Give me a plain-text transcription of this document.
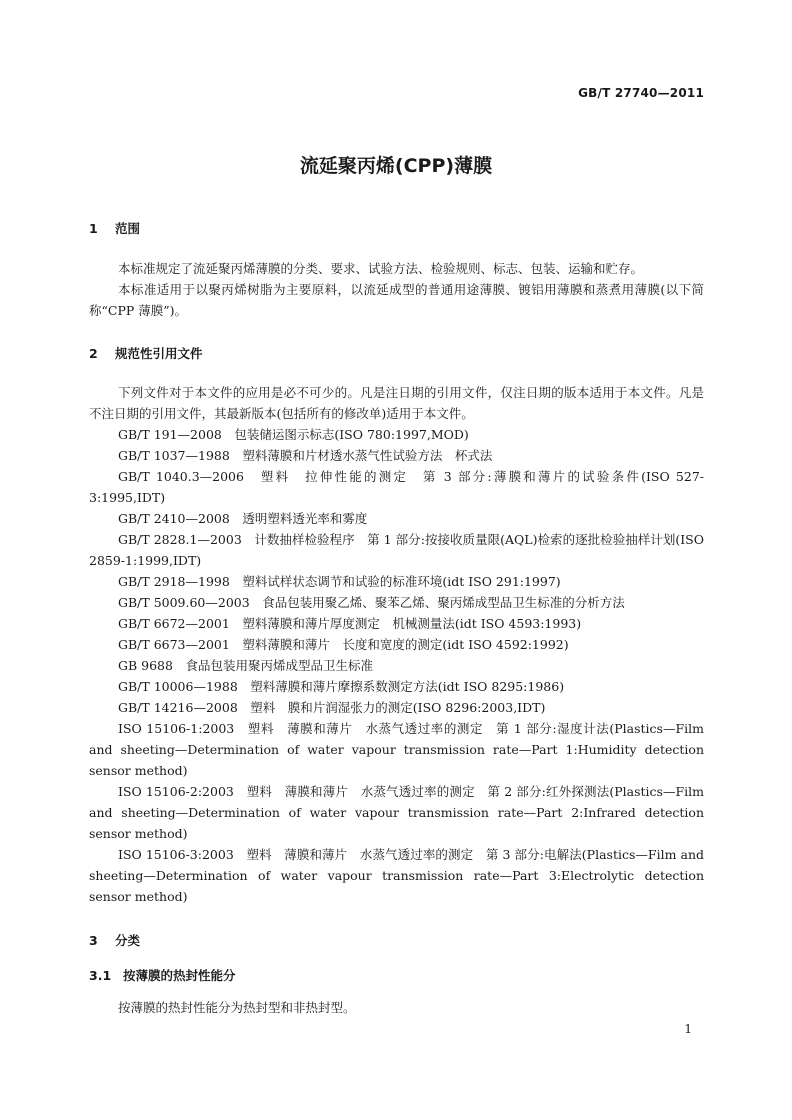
GB/T 27740—2011
流延聚丙烯(CPP)薄膜
1 范围
本标准规定了流延聚丙烯薄膜的分类、要求、试验方法、检验规则、标志、包装、运输和贮存。
本标准适用于以聚丙烯树脂为主要原料，以流延成型的普通用途薄膜、镀铝用薄膜和蒸煮用薄膜(以下简称“CPP 薄膜”)。
2 规范性引用文件
下列文件对于本文件的应用是必不可少的。凡是注日期的引用文件，仅注日期的版本适用于本文件。凡是不注日期的引用文件，其最新版本(包括所有的修改单)适用于本文件。
GB/T 191—2008　包装储运图示标志(ISO 780:1997,MOD)
GB/T 1037—1988　塑料薄膜和片材透水蒸气性试验方法　杯式法
GB/T 1040.3—2006　塑料　拉伸性能的测定　第 3 部分:薄膜和薄片的试验条件(ISO 527-3:1995,IDT)
GB/T 2410—2008　透明塑料透光率和雾度
GB/T 2828.1—2003　计数抽样检验程序　第 1 部分:按接收质量限(AQL)检索的逐批检验抽样计划(ISO 2859-1:1999,IDT)
GB/T 2918—1998　塑料试样状态调节和试验的标准环境(idt ISO 291:1997)
GB/T 5009.60—2003　食品包装用聚乙烯、聚苯乙烯、聚丙烯成型品卫生标准的分析方法
GB/T 6672—2001　塑料薄膜和薄片厚度测定　机械测量法(idt ISO 4593:1993)
GB/T 6673—2001　塑料薄膜和薄片　长度和宽度的测定(idt ISO 4592:1992)
GB 9688　食品包装用聚丙烯成型品卫生标准
GB/T 10006—1988　塑料薄膜和薄片摩擦系数测定方法(idt ISO 8295:1986)
GB/T 14216—2008　塑料　膜和片润湿张力的测定(ISO 8296:2003,IDT)
ISO 15106-1:2003　塑料　薄膜和薄片　水蒸气透过率的测定　第 1 部分:湿度计法(Plastics—Film and sheeting—Determination of water vapour transmission rate—Part 1:Humidity detection sensor method)
ISO 15106-2:2003　塑料　薄膜和薄片　水蒸气透过率的测定　第 2 部分:红外探测法(Plastics—Film and sheeting—Determination of water vapour transmission rate—Part 2:Infrared detection sensor method)
ISO 15106-3:2003　塑料　薄膜和薄片　水蒸气透过率的测定　第 3 部分:电解法(Plastics—Film and sheeting—Determination of water vapour transmission rate—Part 3:Electrolytic detection sensor method)
3 分类
3.1 按薄膜的热封性能分
按薄膜的热封性能分为热封型和非热封型。
1
